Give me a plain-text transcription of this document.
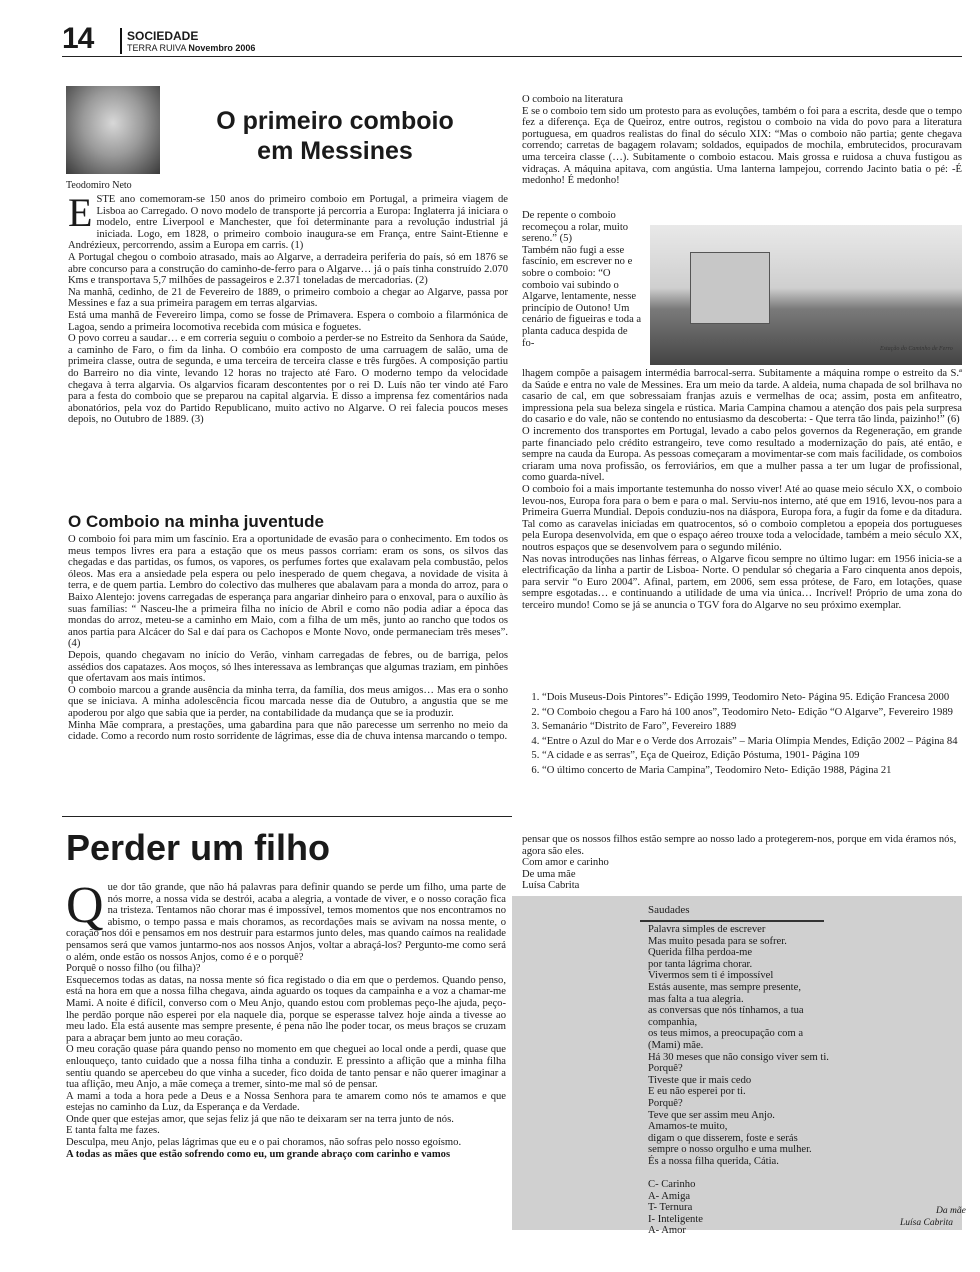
14	SOCIEDADE
TERRA RUIVA Novembro 2006
Teodomiro Neto
O primeiro comboio
em Messines

ESTE ano comemoram-se 150 anos do primeiro comboio em Portugal, a primeira viagem de Lisboa ao Carregado. O novo modelo de transporte já percorria a Europa: Inglaterra já iniciara o modelo, entre Liverpool e Manchester, que foi determinante para a revolução industrial já iniciada. Logo, em 1828, o primeiro comboio inaugura-se em França, entre Saint-Etienne e Andrézieux, percorrendo, assim a Europa em carris. (1)

A Portugal chegou o comboio atrasado, mais ao Algarve, a derradeira periferia do país, só em 1876 se abre concurso para a construção do caminho-de-ferro para o Algarve… já o país tinha construído 2.070 Kms e transportava 5,7 milhões de passageiros e 2.371 toneladas de mercadorias. (2)

Na manhã, cedinho, de 21 de Fevereiro de 1889, o primeiro comboio a chegar ao Algarve, passa por Messines e faz a sua primeira paragem em terras algarvias.

Está uma manhã de Fevereiro limpa, como se fosse de Primavera. Espera o comboio a filarmónica de Lagoa, sendo a primeira locomotiva recebida com música e foguetes.

O povo correu a saudar… e em correria seguiu o comboio a perder-se no Estreito da Senhora da Saúde, a caminho de Faro, o fim da linha. O combóio era composto de uma carruagem de salão, uma de primeira classe, outra de segunda, e uma terceira de terceira classe e três furgões. A composição partiu do Barreiro no dia vinte, levando 12 horas no trajecto até Faro. O moderno tempo da velocidade chegava à terra algarvia. Os algarvios ficaram descontentes por o rei D. Luís não ter vindo até Faro para a festa do comboio que se preparou na capital algarvia. E disso a imprensa fez comentários nada abonatórios, pela voz do Partido Republicano, muito activo no Algarve. O rei falecia poucos meses depois, no Outubro de 1889. (3)

O Comboio na minha juventude

O comboio foi para mim um fascínio. Era a oportunidade de evasão para o conhecimento. Em todos os meus tempos livres era para a estação que os meus passos corriam: eram os sons, os silvos das chegadas e das partidas, os fumos, os vapores, os perfumes fortes que exalavam pela combustão, pelos óleos. Mas era a ansiedade pela espera ou pelo inesperado de quem chegava, a novidade de visita à terra, e de quem partia. Lembro do colectivo das mulheres que abalavam para a monda do arroz, para o Baixo Alentejo: jovens carregadas de esperança para angariar dinheiro para o enxoval, para o auxílio às suas famílias: “ Nasceu-lhe a primeira filha no início de Abril e como não podia adiar a época das mondas do arroz, meteu-se a caminho em Maio, com a filha de um mês, junto ao rancho que todos os anos partia para Alcácer do Sal e daí para os Cachopos e Monte Novo, onde permaneciam três meses”. (4)

Depois, quando chegavam no início do Verão, vinham carregadas de febres, ou de barriga, pelos assédios dos capatazes. Aos moços, só lhes interessava as lembranças que algumas traziam, em pinhões que ofertavam aos mais íntimos.

O comboio marcou a grande ausência da minha terra, da família, dos meus amigos… Mas era o sonho que se iniciava. A minha adolescência ficou marcada nesse dia de Outubro, a angustia que se me apoderou por algo que sabia que ia perder, na contabilidade da mudança que se ia produzir.

Minha Mãe comprara, a prestações, uma gabardina para que não parecesse um serrenho no meio da cidade. Como a recordo num rosto sorridente de lágrimas, esse dia de chuva intensa marcando o tempo.

O comboio na literatura

E se o comboio tem sido um protesto para as evoluções, também o foi para a escrita, desde que o tempo fez a diferença. Eça de Queiroz, entre outros, registou o comboio na vida do povo para a literatura portuguesa, em quadros realistas do final do século XIX: “Mas o comboio não partia; gente chegava correndo; carretas de bagagem rolavam; soldados, equipados de mochila, embrutecidos, procuravam uma terceira classe (…). Subitamente o comboio estacou. Mais grossa e ruidosa a chuva fustigou as vidraças. A máquina apitava, com angústia. Uma lanterna lampejou, correndo Jacinto batia o pé: -É medonho! É medonho!

De repente o comboio recomeçou a rolar, muito sereno.” (5)

Também não fugi a esse fascínio, em escrever no e sobre o comboio: “O comboio vai subindo o Algarve, lentamente, nesse princípio de Outono! Um cenário de figueiras e toda a planta caduca despida de fo-

Estação do Caminho de Ferro

lhagem compõe a paisagem intermédia barrocal-serra. Subitamente a máquina rompe o estreito da S.ª da Saúde e entra no vale de Messines. Era um meio da tarde. A aldeia, numa chapada de sol brilhava no casario de cal, em que sobressaiam franjas azuis e vermelhas de oca; assim, posta em anfiteatro, impressiona pela sua beleza singela e rústica. Maria Campina chamou a atenção dos pais pela surpresa do casario e do vale, não se contendo no entusiasmo da descoberta: - Que terra tão linda, paizinho!” (6)

O incremento dos transportes em Portugal, levado a cabo pelos governos da Regeneração, em grande parte financiado pelo crédito estrangeiro, teve como resultado a modernização do país, até então, e sempre na cauda da Europa. As pessoas começaram a movimentar-se com mais facilidade, os comboios criaram uma nova profissão, os ferroviários, em que a mulher passa a ter um lugar de profissional, como guarda-nível.

O comboio foi a mais importante testemunha do nosso viver! Até ao quase meio século XX, o comboio levou-nos, Europa fora para o bem e para o mal. Serviu-nos interno, até que em 1916, levou-nos para a Primeira Guerra Mundial. Depois conduziu-nos na diáspora, Europa fora, a fugir da fome e da ditadura. Tal como as caravelas iniciadas em quatrocentos, só o comboio completou a epopeia dos portugueses pela Europa desenvolvida, em que o espaço aéreo trouxe toda a velocidade, também a meio século XX, noutros espaços que se desenvolvem para o segundo milénio.

Nas novas introduções nas linhas férreas, o Algarve ficou sempre no último lugar: em 1956 inicia-se a electrificação da linha a partir de Lisboa- Norte. O pendular só chegaria a Faro cinquenta anos depois, para servir “o Euro 2004”. Afinal, partem, em 2006, sem essa prótese, de Faro, em lotações, quase sempre esgotadas… e continuando a utilidade de uma via única… Incrível! Próprio de uma zona do terceiro mundo! Como se já se anuncia o TGV fora do Algarve no seu próximo exemplar.

1. “Dois Museus-Dois Pintores”- Edição 1999, Teodomiro Neto- Página 95. Edição Francesa 2000
2. “O Comboio chegou a Faro há 100 anos”, Teodomiro Neto- Edição “O Algarve”, Fevereiro 1989
3. Semanário “Distrito de Faro”, Fevereiro 1889
4. “Entre o Azul do Mar e o Verde dos Arrozais” – Maria Olímpia Mendes, Edição 2002 – Página 84
5. “A cidade e as serras”, Eça de Queiroz, Edição Póstuma, 1901- Página 109
6. “O último concerto de Maria Campina”, Teodomiro Neto- Edição 1988, Página 21
Perder um filho

Que dor tão grande, que não há palavras para definir quando se perde um filho, uma parte de nós morre, a nossa vida se destrói, acaba a alegria, a vontade de viver, e o nosso coração fica na tristeza. Tentamos não chorar mas é impossível, temos momentos que nos encontramos no abismo, o tempo passa e mais choramos, as recordações mais se avivam na nossa mente, o coração nos dói e pensamos em nos destruir para estarmos junto deles, mas quando caímos na realidade pensamos será que vamos juntarmo-nos aos nossos Anjos, voltar a abraçá-los? Pergunto-me como será o além, onde estão os nossos Anjos, como é e o porquê?

Porquê o nosso filho (ou filha)?

Esquecemos todas as datas, na nossa mente só fica registado o dia em que o perdemos. Quando penso, está na hora em que a nossa filha chegava, ainda aguardo os toques da campainha e a voz a chamar-me Mami. A noite é difícil, converso com o Meu Anjo, quando estou com problemas peço-lhe ajuda, peço-lhe perdão porque não esperei por ela naquele dia, porque se esperasse talvez hoje ainda a tivesse ao meu lado. Ela está ausente mas sempre presente, é pena não lhe poder tocar, os meus braços se cruzam para a abraçar bem junto ao meu coração.

O meu coração quase pára quando penso no momento em que cheguei ao local onde a perdi, quase que enlouqueço, tanto cuidado que a nossa filha tinha a conduzir. E pressinto a aflição que a minha filha sentiu quando se apercebeu do que vinha a suceder, fico doida de tanto pensar e não querer imaginar a tua aflição, meu Anjo, a mãe começa a tremer, sinto-me mal só de pensar.

A mami a toda a hora pede a Deus e a Nossa Senhora para te amarem como nós te amamos e que estejas no caminho da Luz, da Esperança e da Verdade.

Onde quer que estejas amor, que sejas feliz já que não te deixaram ser na terra junto de nós.

E tanta falta me fazes.

Desculpa, meu Anjo, pelas lágrimas que eu e o pai choramos, não sofras pelo nosso egoísmo.

A todas as mães que estão sofrendo como eu, um grande abraço com carinho e vamos

pensar que os nossos filhos estão sempre ao nosso lado a protegerem-nos, porque em vida éramos nós, agora são eles.

Com amor e carinho

De uma mãe

Luísa Cabrita

Saudades
Palavra simples de escrever
Mas muito pesada para se sofrer.
Querida filha perdoa-me
por tanta lágrima chorar.
Vivermos sem ti é impossível
Estás ausente, mas sempre presente,
mas falta a tua alegria.
as conversas que nós tínhamos, a tua
companhia,
os teus mimos, a preocupação com a
(Mami) mãe.
Há 30 meses que não consigo viver sem ti.
Porquê?
Tiveste que ir mais cedo
E eu não esperei por ti.
Porquê?
Teve que ser assim meu Anjo.
Amamos-te muito,
digam o que disserem, foste e serás
sempre o nosso orgulho e uma mulher.
És a nossa filha querida, Cátia.
C- Carinho
A- Amiga
T- Ternura
I- Inteligente
A- Amor
Da mãe
Luísa Cabrita
